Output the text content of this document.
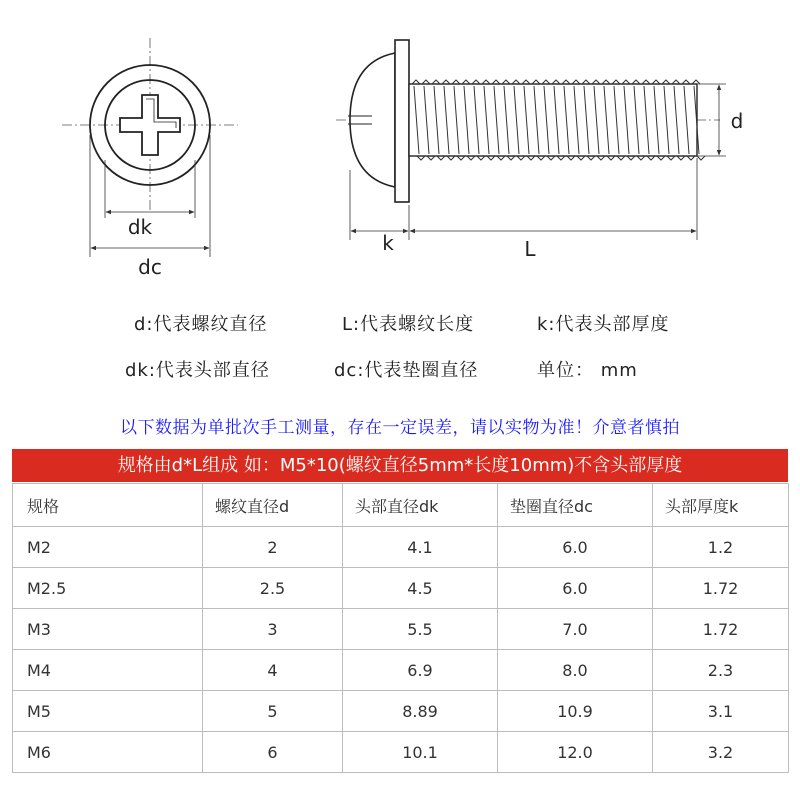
dk
dc
k	L
d
d:代表螺纹直径	L:代表螺纹长度	k:代表头部厚度
dk:代表头部直径	dc:代表垫圈直径	单位： mm
以下数据为单批次手工测量，存在一定误差，请以实物为准！介意者慎拍
规格由d*L组成 如：M5*10(螺纹直径5mm*长度10mm)不含头部厚度
规格	螺纹直径d	头部直径dk	垫圈直径dc	头部厚度k
M2	2	4.1	6.0	1.2
M2.5	2.5	4.5	6.0	1.72
M3	3	5.5	7.0	1.72
M4	4	6.9	8.0	2.3
M5	5	8.89	10.9	3.1
M6	6	10.1	12.0	3.2
